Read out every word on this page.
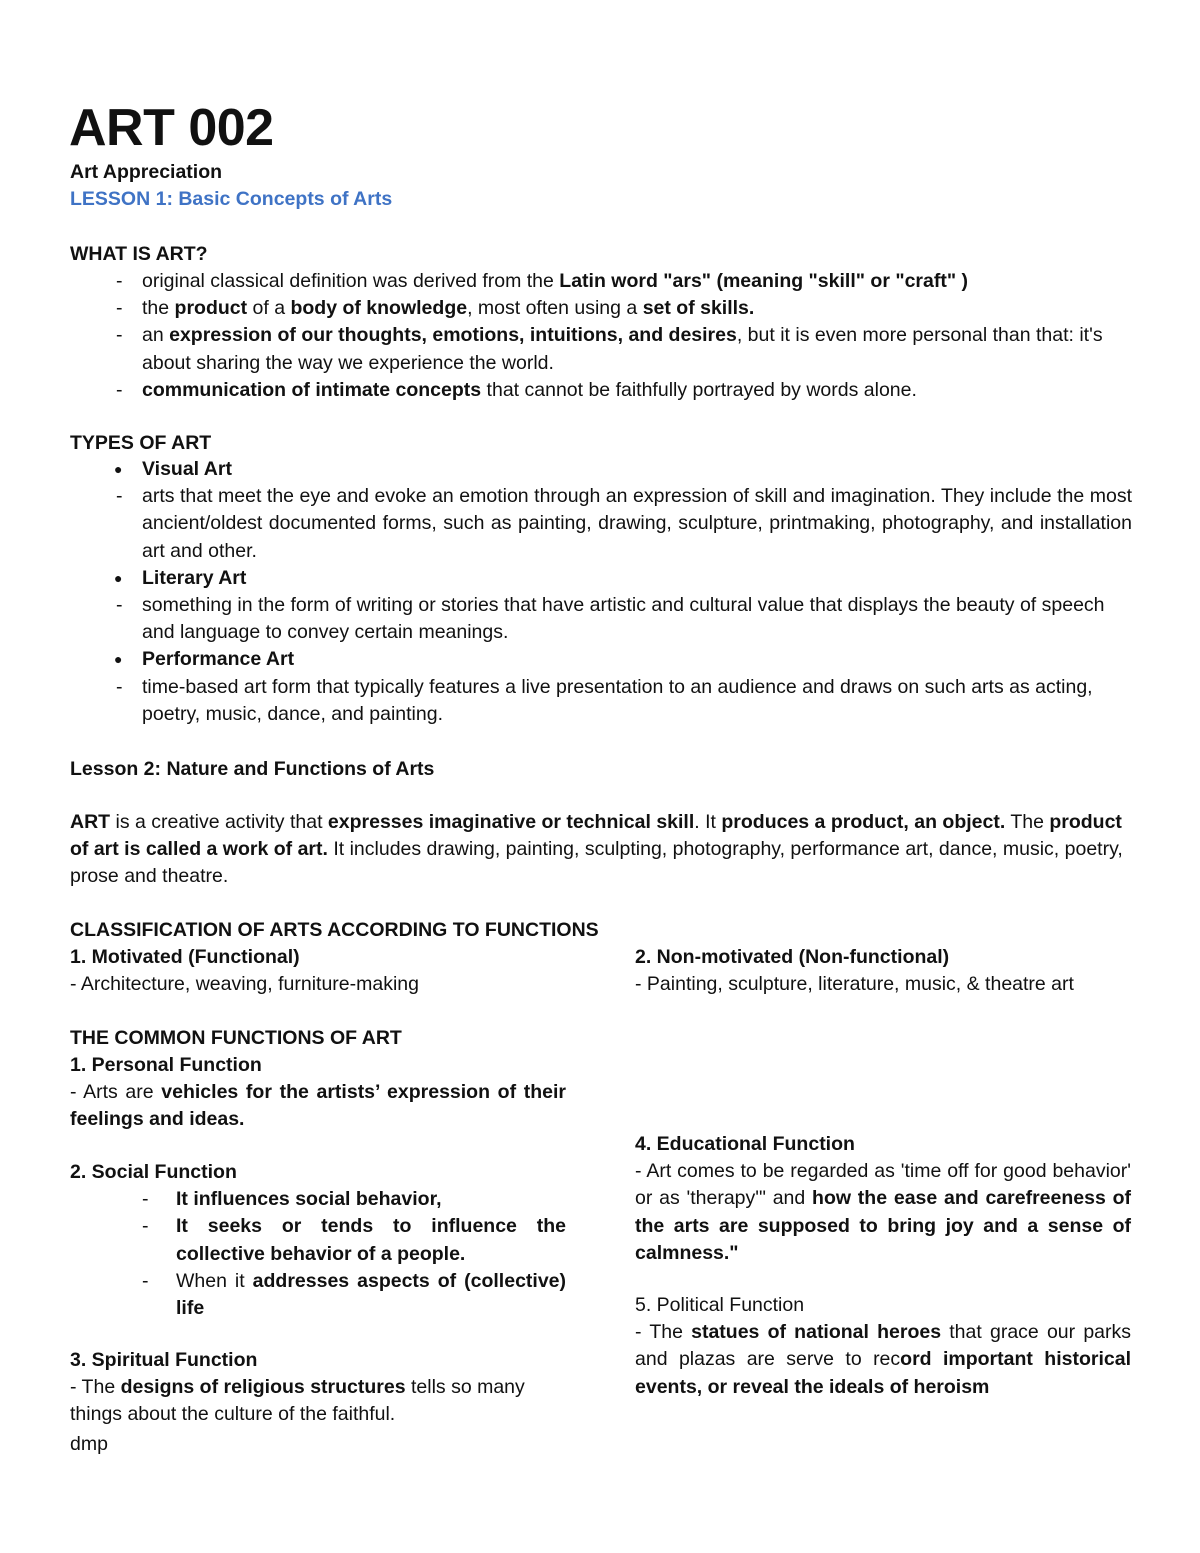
ART 002
Art Appreciation
LESSON 1: Basic Concepts of Arts
WHAT IS ART?
- original classical definition was derived from the Latin word "ars" (meaning "skill" or "craft" )
- the product of a body of knowledge, most often using a set of skills.
- an expression of our thoughts, emotions, intuitions, and desires, but it is even more personal than that: it's about sharing the way we experience the world.
- communication of intimate concepts that cannot be faithfully portrayed by words alone.
TYPES OF ART
● Visual Art
- arts that meet the eye and evoke an emotion through an expression of skill and imagination. They include the most ancient/oldest documented forms, such as painting, drawing, sculpture, printmaking, photography, and installation art and other.
● Literary Art
- something in the form of writing or stories that have artistic and cultural value that displays the beauty of speech and language to convey certain meanings.
● Performance Art
- time-based art form that typically features a live presentation to an audience and draws on such arts as acting, poetry, music, dance, and painting.
Lesson 2: Nature and Functions of Arts
ART is a creative activity that expresses imaginative or technical skill. It produces a product, an object. The product of art is called a work of art. It includes drawing, painting, sculpting, photography, performance art, dance, music, poetry, prose and theatre.
CLASSIFICATION OF ARTS ACCORDING TO FUNCTIONS
1. Motivated (Functional)
- Architecture, weaving, furniture-making
2. Non-motivated (Non-functional)
- Painting, sculpture, literature, music, & theatre art
THE COMMON FUNCTIONS OF ART
1. Personal Function
- Arts are vehicles for the artists’ expression of their feelings and ideas.
2. Social Function
- It influences social behavior,
- It seeks or tends to influence the collective behavior of a people.
- When it addresses aspects of (collective) life
3. Spiritual Function
- The designs of religious structures tells so many things about the culture of the faithful.
4. Educational Function
- Art comes to be regarded as 'time off for good behavior' or as 'therapy'" and how the ease and carefreeness of the arts are supposed to bring joy and a sense of calmness."
5. Political Function
- The statues of national heroes that grace our parks and plazas are serve to record important historical events, or reveal the ideals of heroism
dmp
